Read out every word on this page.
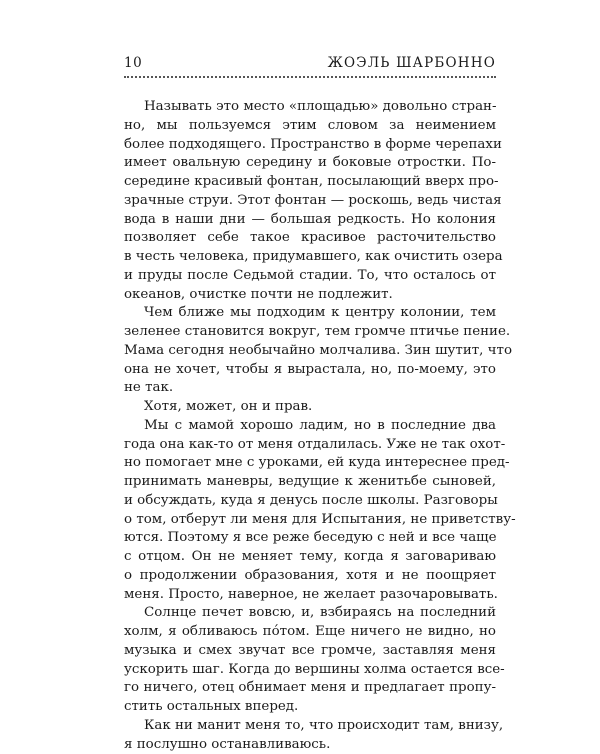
10	ЖОЭЛЬ ШАРБОННО
Называть это место «площадью» довольно стран-
но, мы пользуемся этим словом за неимением
более подходящего. Пространство в форме черепахи
имеет овальную середину и боковые отростки. По-
середине красивый фонтан, посылающий вверх про-
зрачные струи. Этот фонтан — роскошь, ведь чистая
вода в наши дни — большая редкость. Но колония
позволяет себе такое красивое расточительство
в честь человека, придумавшего, как очистить озера
и пруды после Седьмой стадии. То, что осталось от
океанов, очистке почти не подлежит.
Чем ближе мы подходим к центру колонии, тем
зеленее становится вокруг, тем громче птичье пение.
Мама сегодня необычайно молчалива. Зин шутит, что
она не хочет, чтобы я вырастала, но, по-моему, это
не так.
Хотя, может, он и прав.
Мы с мамой хорошо ладим, но в последние два
года она как-то от меня отдалилась. Уже не так охот-
но помогает мне с уроками, ей куда интереснее пред-
принимать маневры, ведущие к женитьбе сыновей,
и обсуждать, куда я денусь после школы. Разговоры
о том, отберут ли меня для Испытания, не приветству-
ются. Поэтому я все реже беседую с ней и все чаще
с отцом. Он не меняет тему, когда я заговариваю
о продолжении образования, хотя и не поощряет
меня. Просто, наверное, не желает разочаровывать.
Солнце печет вовсю, и, взбираясь на последний
холм, я обливаюсь пóтом. Еще ничего не видно, но
музыка и смех звучат все громче, заставляя меня
ускорить шаг. Когда до вершины холма остается все-
го ничего, отец обнимает меня и предлагает пропу-
стить остальных вперед.
Как ни манит меня то, что происходит там, внизу,
я послушно останавливаюсь.
